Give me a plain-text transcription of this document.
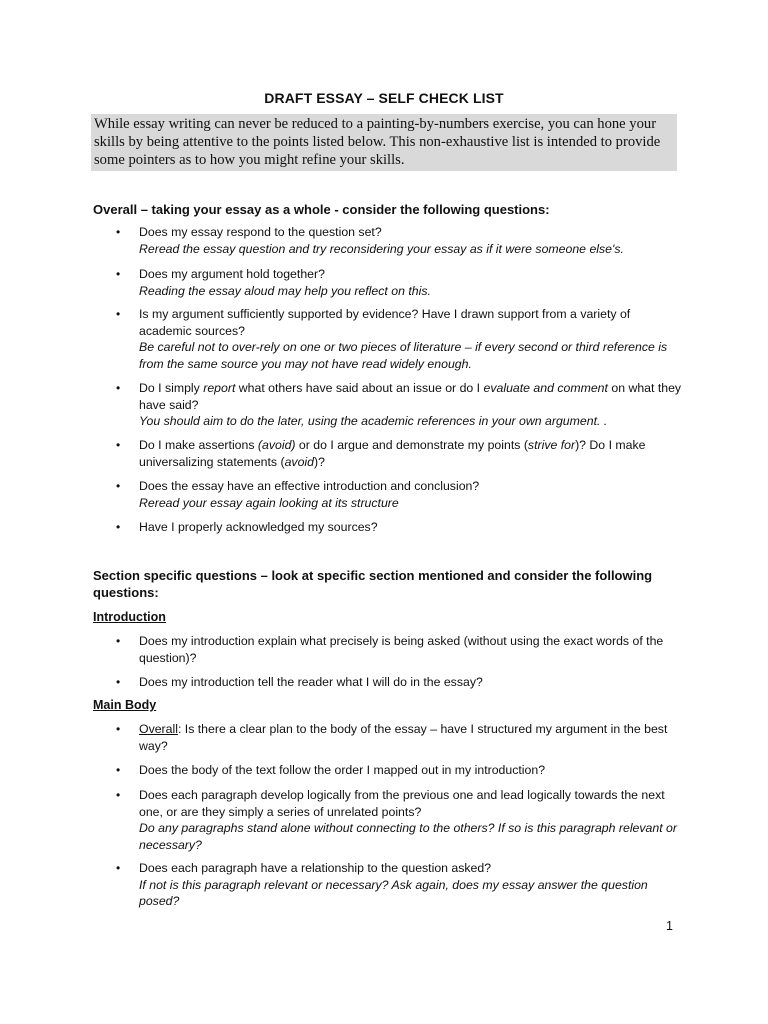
DRAFT ESSAY – SELF CHECK LIST
While essay writing can never be reduced to a painting-by-numbers exercise, you can hone your skills by being attentive to the points listed below. This non-exhaustive list is intended to provide some pointers as to how you might refine your skills.
Overall – taking your essay as a whole - consider the following questions:
• Does my essay respond to the question set?
Reread the essay question and try reconsidering your essay as if it were someone else's.
• Does my argument hold together?
Reading the essay aloud may help you reflect on this.
• Is my argument sufficiently supported by evidence? Have I drawn support from a variety of academic sources?
Be careful not to over-rely on one or two pieces of literature – if every second or third reference is from the same source you may not have read widely enough.
• Do I simply report what others have said about an issue or do I evaluate and comment on what they have said?
You should aim to do the later, using the academic references in your own argument. .
• Do I make assertions (avoid) or do I argue and demonstrate my points (strive for)? Do I make universalizing statements (avoid)?
• Does the essay have an effective introduction and conclusion?
Reread your essay again looking at its structure
• Have I properly acknowledged my sources?
Section specific questions – look at specific section mentioned and consider the following questions:
Introduction
• Does my introduction explain what precisely is being asked (without using the exact words of the question)?
• Does my introduction tell the reader what I will do in the essay?
Main Body
• Overall: Is there a clear plan to the body of the essay – have I structured my argument in the best way?
• Does the body of the text follow the order I mapped out in my introduction?
• Does each paragraph develop logically from the previous one and lead logically towards the next one, or are they simply a series of unrelated points?
Do any paragraphs stand alone without connecting to the others? If so is this paragraph relevant or necessary?
• Does each paragraph have a relationship to the question asked?
If not is this paragraph relevant or necessary? Ask again, does my essay answer the question posed?
1
